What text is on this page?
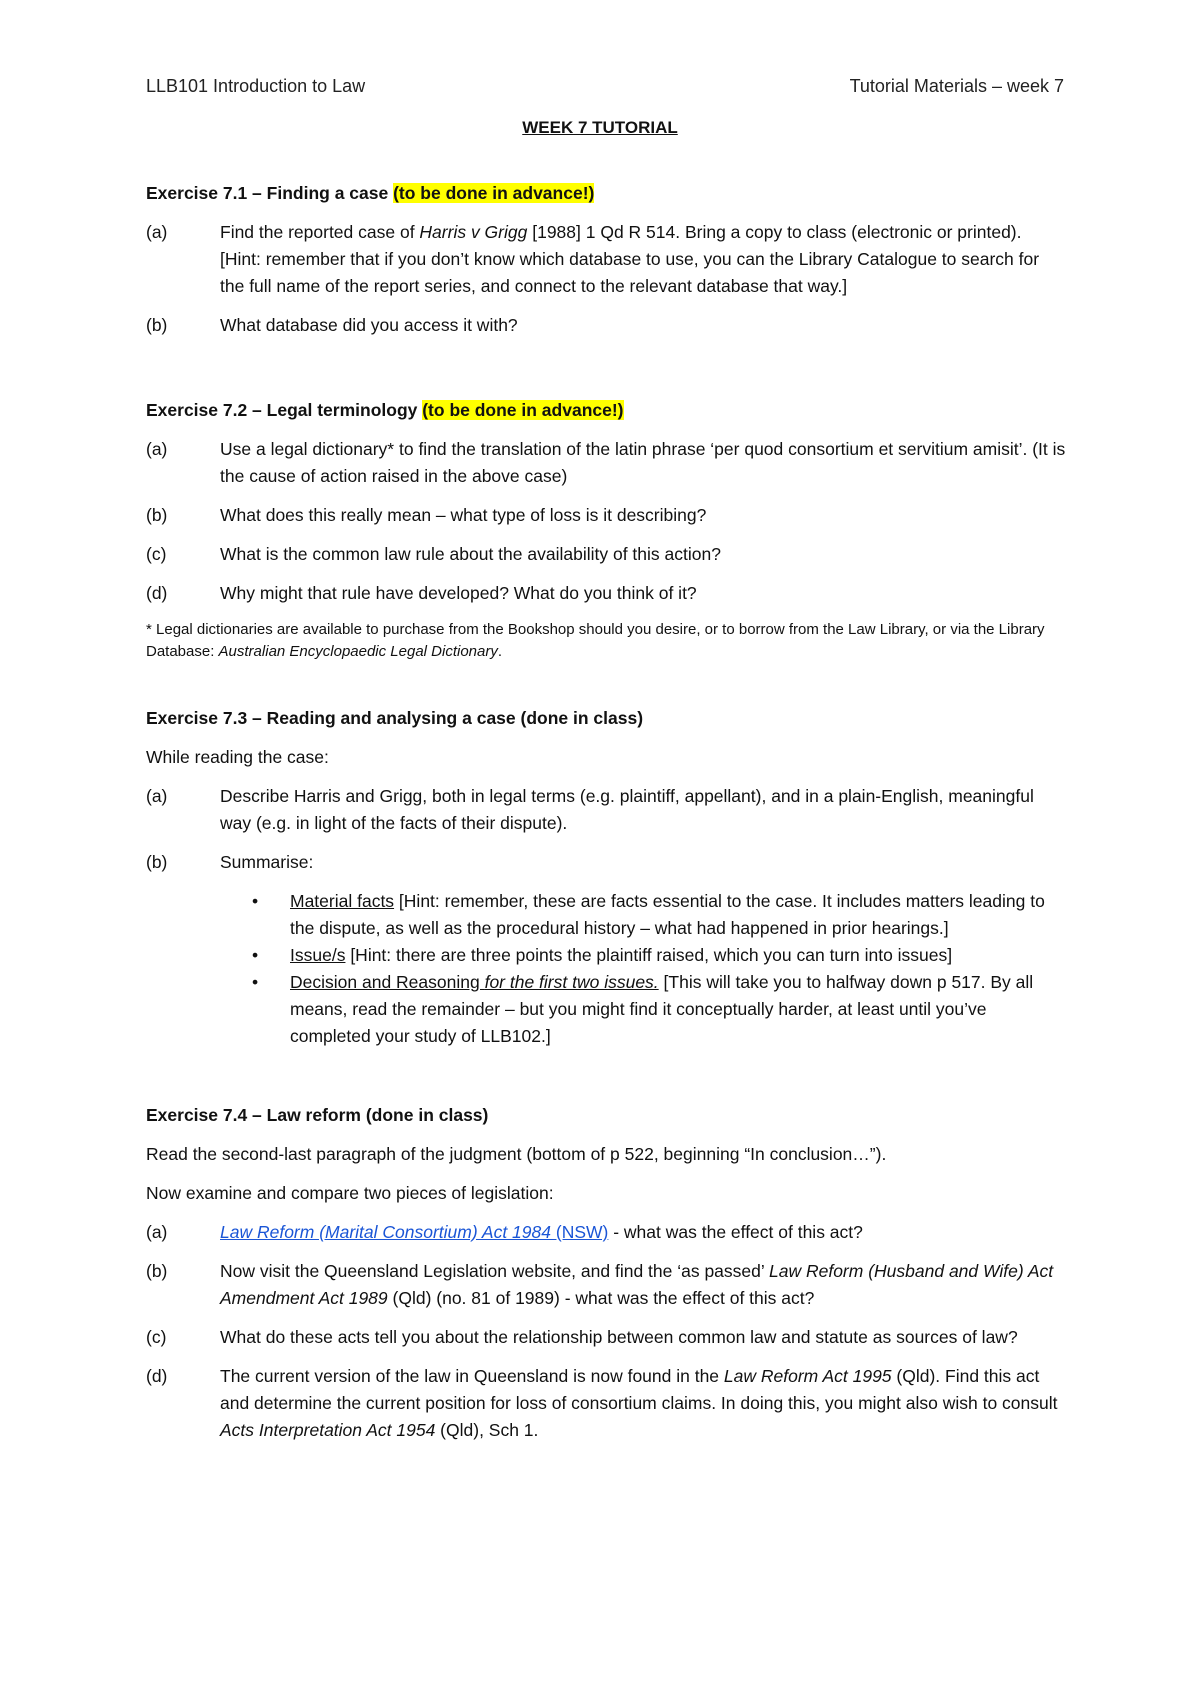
LLB101 Introduction to Law	Tutorial Materials – week 7
WEEK 7 TUTORIAL
Exercise 7.1 – Finding a case (to be done in advance!)
(a)	Find the reported case of Harris v Grigg [1988] 1 Qd R 514. Bring a copy to class (electronic or printed). [Hint: remember that if you don’t know which database to use, you can the Library Catalogue to search for the full name of the report series, and connect to the relevant database that way.]
(b)	What database did you access it with?
Exercise 7.2 – Legal terminology (to be done in advance!)
(a)	Use a legal dictionary* to find the translation of the latin phrase ‘per quod consortium et servitium amisit’. (It is the cause of action raised in the above case)
(b)	What does this really mean – what type of loss is it describing?
(c)	What is the common law rule about the availability of this action?
(d)	Why might that rule have developed? What do you think of it?

* Legal dictionaries are available to purchase from the Bookshop should you desire, or to borrow from the Law Library, or via the Library Database: Australian Encyclopaedic Legal Dictionary.

Exercise 7.3 – Reading and analysing a case (done in class)

While reading the case:

(a)	Describe Harris and Grigg, both in legal terms (e.g. plaintiff, appellant), and in a plain-English, meaningful way (e.g. in light of the facts of their dispute).
(b)	Summarise:
•	Material facts [Hint: remember, these are facts essential to the case. It includes matters leading to the dispute, as well as the procedural history – what had happened in prior hearings.]
•	Issue/s [Hint: there are three points the plaintiff raised, which you can turn into issues]
•	Decision and Reasoning for the first two issues. [This will take you to halfway down p 517. By all means, read the remainder – but you might find it conceptually harder, at least until you’ve completed your study of LLB102.]
Exercise 7.4 – Law reform (done in class)

Read the second-last paragraph of the judgment (bottom of p 522, beginning “In conclusion…”).

Now examine and compare two pieces of legislation:

(a)	Law Reform (Marital Consortium) Act 1984 (NSW) - what was the effect of this act?
(b)	Now visit the Queensland Legislation website, and find the ‘as passed’ Law Reform (Husband and Wife) Act Amendment Act 1989 (Qld) (no. 81 of 1989) - what was the effect of this act?
(c)	What do these acts tell you about the relationship between common law and statute as sources of law?
(d)	The current version of the law in Queensland is now found in the Law Reform Act 1995 (Qld). Find this act and determine the current position for loss of consortium claims. In doing this, you might also wish to consult Acts Interpretation Act 1954 (Qld), Sch 1.
